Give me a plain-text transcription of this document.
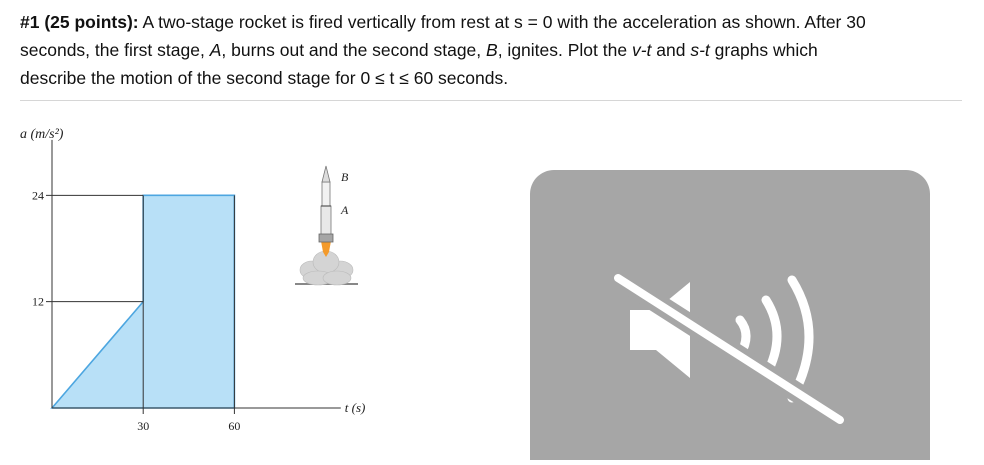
#1 (25 points): A two-stage rocket is fired vertically from rest at s = 0 with the acceleration as shown. After 30
seconds, the first stage, A, burns out and the second stage, B, ignites. Plot the v-t and s-t graphs which
describe the motion of the second stage for 0 ≤ t ≤ 60 seconds.
30	60
12
24
a (m/s²)
t (s)
B
A
